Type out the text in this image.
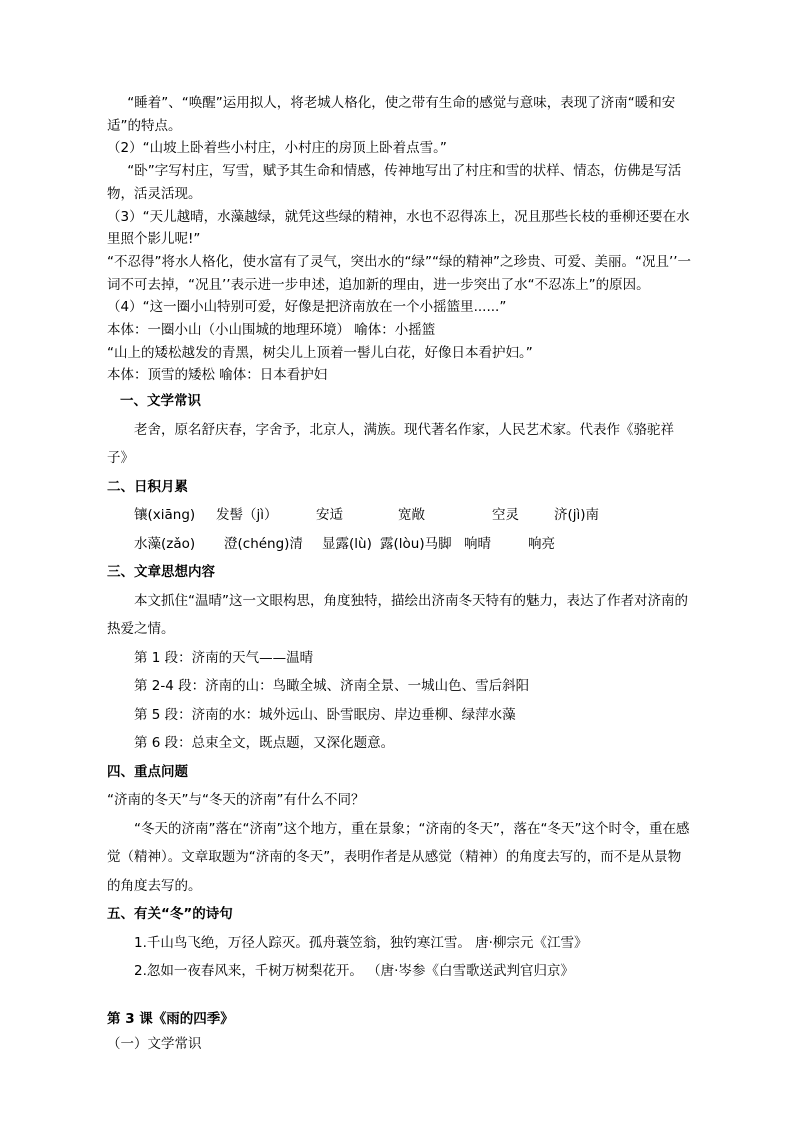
“睡着”、“唤醒”运用拟人，将老城人格化，使之带有生命的感觉与意味，表现了济南“暖和安适”的特点。

（2）“山坡上卧着些小村庄，小村庄的房顶上卧着点雪。”

“卧”字写村庄，写雪，赋予其生命和情感，传神地写出了村庄和雪的状样、情态，仿佛是写活物，活灵活现。

（3）“天儿越晴，水藻越绿，就凭这些绿的精神，水也不忍得冻上，况且那些长枝的垂柳还要在水里照个影儿呢!”

“不忍得”将水人格化，使水富有了灵气，突出水的“绿”“绿的精神”之珍贵、可爱、美丽。“况且’’一词不可去掉，“况且’’表示进一步申述，追加新的理由，进一步突出了水“不忍冻上”的原因。

（4）“这一圈小山特别可爱，好像是把济南放在一个小摇篮里......”

本体：一圈小山（小山围城的地理环境） 喻体：小摇篮

“山上的矮松越发的青黑，树尖儿上顶着一髻儿白花，好像日本看护妇。”

本体：顶雪的矮松 喻体：日本看护妇

一、文学常识

老舍，原名舒庆春，字舍予，北京人，满族。现代著名作家，人民艺术家。代表作《骆驼祥子》

二、日积月累

镶(xiāng)	发髻（jì）	安适	宽敞	空灵	济(jì)南
水藻(zǎo)	澄(chéng)清	显露(lù) 露(lòu)马脚 响晴	响亮

三、文章思想内容

本文抓住“温晴”这一文眼构思，角度独特，描绘出济南冬天特有的魅力，表达了作者对济南的热爱之情。

第 1 段：济南的天气——温晴

第 2-4 段：济南的山：鸟瞰全城、济南全景、一城山色、雪后斜阳

第 5 段：济南的水：城外远山、卧雪眠房、岸边垂柳、绿萍水藻

第 6 段：总束全文，既点题，又深化题意。

四、重点问题

“济南的冬天”与“冬天的济南”有什么不同？

“冬天的济南”落在“济南”这个地方，重在景象；“济南的冬天”，落在“冬天”这个时令，重在感觉（精神）。文章取题为“济南的冬天”，表明作者是从感觉（精神）的角度去写的，而不是从景物的角度去写的。

五、有关“冬”的诗句

1.千山鸟飞绝，万径人踪灭。孤舟蓑笠翁，独钓寒江雪。 唐·柳宗元《江雪》

2.忽如一夜春风来，千树万树梨花开。 （唐·岑参《白雪歌送武判官归京》

第 3 课《雨的四季》

（一）文学常识
